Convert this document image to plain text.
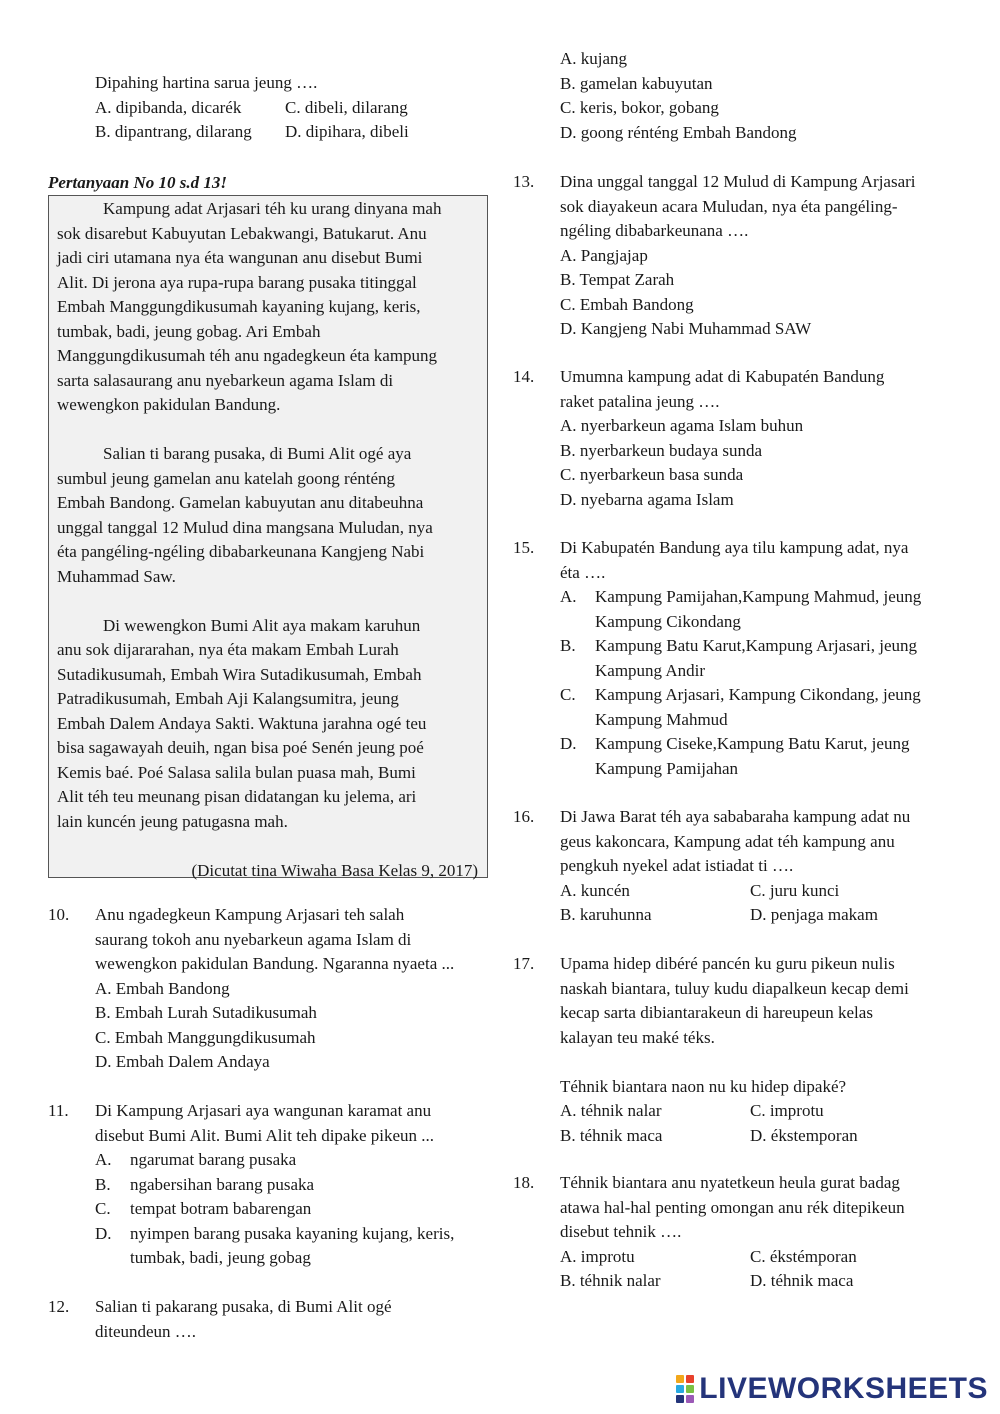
Dipahing hartina sarua jeung ….

A. dipibanda, dicarék	C. dibeli, dilarang
B. dipantrang, dilarang	D. dipihara, dibeli
Pertanyaan No 10 s.d 13!
Kampung adat Arjasari téh ku urang dinyana mah
sok disarebut Kabuyutan Lebakwangi, Batukarut. Anu
jadi ciri utamana nya éta wangunan anu disebut Bumi
Alit. Di jerona aya rupa-rupa barang pusaka titinggal
Embah Manggungdikusumah kayaning kujang, keris,
tumbak, badi, jeung gobag. Ari Embah
Manggungdikusumah téh anu ngadegkeun éta kampung
sarta salasaurang anu nyebarkeun agama Islam di
wewengkon pakidulan Bandung.
Salian ti barang pusaka, di Bumi Alit ogé aya
sumbul jeung gamelan anu katelah goong rénténg
Embah Bandong. Gamelan kabuyutan anu ditabeuhna
unggal tanggal 12 Mulud dina mangsana Muludan, nya
éta pangéling-ngéling dibabarkeunana Kangjeng Nabi
Muhammad Saw.
Di wewengkon Bumi Alit aya makam karuhun
anu sok dijararahan, nya éta makam Embah Lurah
Sutadikusumah, Embah Wira Sutadikusumah, Embah
Patradikusumah, Embah Aji Kalangsumitra, jeung
Embah Dalem Andaya Sakti. Waktuna jarahna ogé teu
bisa sagawayah deuih, ngan bisa poé Senén jeung poé
Kemis baé. Poé Salasa salila bulan puasa mah, Bumi
Alit téh teu meunang pisan didatangan ku jelema, ari
lain kuncén jeung patugasna mah.
(Dicutat tina Wiwaha Basa Kelas 9, 2017)
10. Anu ngadegkeun Kampung Arjasari teh salah
saurang tokoh anu nyebarkeun agama Islam di
wewengkon pakidulan Bandung. Ngaranna nyaeta ...
A. Embah Bandong
B. Embah Lurah Sutadikusumah
C. Embah Manggungdikusumah
D. Embah Dalem Andaya
11. Di Kampung Arjasari aya wangunan karamat anu
disebut Bumi Alit. Bumi Alit teh dipake pikeun ...
A. ngarumat barang pusaka
B. ngabersihan barang pusaka
C. tempat botram babarengan
D. nyimpen barang pusaka kayaning kujang, keris,
tumbak, badi, jeung gobag
12. Salian ti pakarang pusaka, di Bumi Alit ogé
diteundeun ….
A. kujang
B. gamelan kabuyutan
C. keris, bokor, gobang
D. goong rénténg Embah Bandong
13. Dina unggal tanggal 12 Mulud di Kampung Arjasari
sok diayakeun acara Muludan, nya éta pangéling-
ngéling dibabarkeunana ….
A. Pangjajap
B. Tempat Zarah
C. Embah Bandong
D. Kangjeng Nabi Muhammad SAW
14. Umumna kampung adat di Kabupatén Bandung
raket patalina jeung ….
A. nyerbarkeun agama Islam buhun
B. nyerbarkeun budaya sunda
C. nyerbarkeun basa sunda
D. nyebarna agama Islam
15. Di Kabupatén Bandung aya tilu kampung adat, nya
éta ….
A. Kampung Pamijahan,Kampung Mahmud, jeung
Kampung Cikondang
B. Kampung Batu Karut,Kampung Arjasari, jeung
Kampung Andir
C. Kampung Arjasari, Kampung Cikondang, jeung
Kampung Mahmud
D. Kampung Ciseke,Kampung Batu Karut, jeung
Kampung Pamijahan
16. Di Jawa Barat téh aya sababaraha kampung adat nu
geus kakoncara, Kampung adat téh kampung anu
pengkuh nyekel adat istiadat ti ….
A. kuncén	C. juru kunci
B. karuhunna	D. penjaga makam
17. Upama hidep dibéré pancén ku guru pikeun nulis
naskah biantara, tuluy kudu diapalkeun kecap demi
kecap sarta dibiantarakeun di hareupeun kelas
kalayan teu maké téks.
Téhnik biantara naon nu ku hidep dipaké?
A. téhnik nalar	C. improtu
B. téhnik maca	D. ékstemporan
18. Téhnik biantara anu nyatetkeun heula gurat badag
atawa hal-hal penting omongan anu rék ditepikeun
disebut tehnik ….
A. improtu	C. ékstémporan
B. téhnik nalar	D. téhnik maca
LIVEWORKSHEETS
